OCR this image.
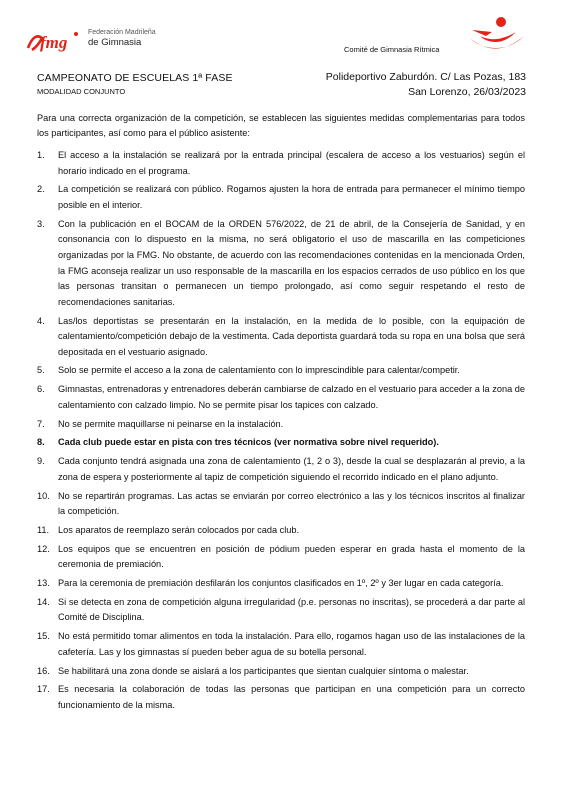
fmg
Federación Madrileña
de Gimnasia
Comité de Gimnasia Rítmica
CAMPEONATO DE ESCUELAS 1ª FASE
MODALIDAD CONJUNTO
Polideportivo Zaburdón. C/ Las Pozas, 183
San Lorenzo, 26/03/2023
Para una correcta organización de la competición, se establecen las siguientes medidas complementarias para todos los participantes, así como para el público asistente:
1. El acceso a la instalación se realizará por la entrada principal (escalera de acceso a los vestuarios) según el horario indicado en el programa.
2. La competición se realizará con público. Rogamos ajusten la hora de entrada para permanecer el mínimo tiempo posible en el interior.
3. Con la publicación en el BOCAM de la ORDEN 576/2022, de 21 de abril, de la Consejería de Sanidad, y en consonancia con lo dispuesto en la misma, no será obligatorio el uso de mascarilla en las competiciones organizadas por la FMG. No obstante, de acuerdo con las recomendaciones contenidas en la mencionada Orden, la FMG aconseja realizar un uso responsable de la mascarilla en los espacios cerrados de uso público en los que las personas transitan o permanecen un tiempo prolongado, así como seguir respetando el resto de recomendaciones sanitarias.
4. Las/los deportistas se presentarán en la instalación, en la medida de lo posible, con la equipación de calentamiento/competición debajo de la vestimenta. Cada deportista guardará toda su ropa en una bolsa que será depositada en el vestuario asignado.
5. Solo se permite el acceso a la zona de calentamiento con lo imprescindible para calentar/competir.
6. Gimnastas, entrenadoras y entrenadores deberán cambiarse de calzado en el vestuario para acceder a la zona de calentamiento con calzado limpio. No se permite pisar los tapices con calzado.
7. No se permite maquillarse ni peinarse en la instalación.
8. Cada club puede estar en pista con tres técnicos (ver normativa sobre nivel requerido).
9. Cada conjunto tendrá asignada una zona de calentamiento (1, 2 o 3), desde la cual se desplazarán al previo, a la zona de espera y posteriormente al tapiz de competición siguiendo el recorrido indicado en el plano adjunto.
10. No se repartirán programas. Las actas se enviarán por correo electrónico a las y los técnicos inscritos al finalizar la competición.
11. Los aparatos de reemplazo serán colocados por cada club.
12. Los equipos que se encuentren en posición de pódium pueden esperar en grada hasta el momento de la ceremonia de premiación.
13. Para la ceremonia de premiación desfilarán los conjuntos clasificados en 1º, 2º y 3er lugar en cada categoría.
14. Si se detecta en zona de competición alguna irregularidad (p.e. personas no inscritas), se procederá a dar parte al Comité de Disciplina.
15. No está permitido tomar alimentos en toda la instalación. Para ello, rogamos hagan uso de las instalaciones de la cafetería. Las y los gimnastas sí pueden beber agua de su botella personal.
16. Se habilitará una zona donde se aislará a los participantes que sientan cualquier síntoma o malestar.
17. Es necesaria la colaboración de todas las personas que participan en una competición para un correcto funcionamiento de la misma.
